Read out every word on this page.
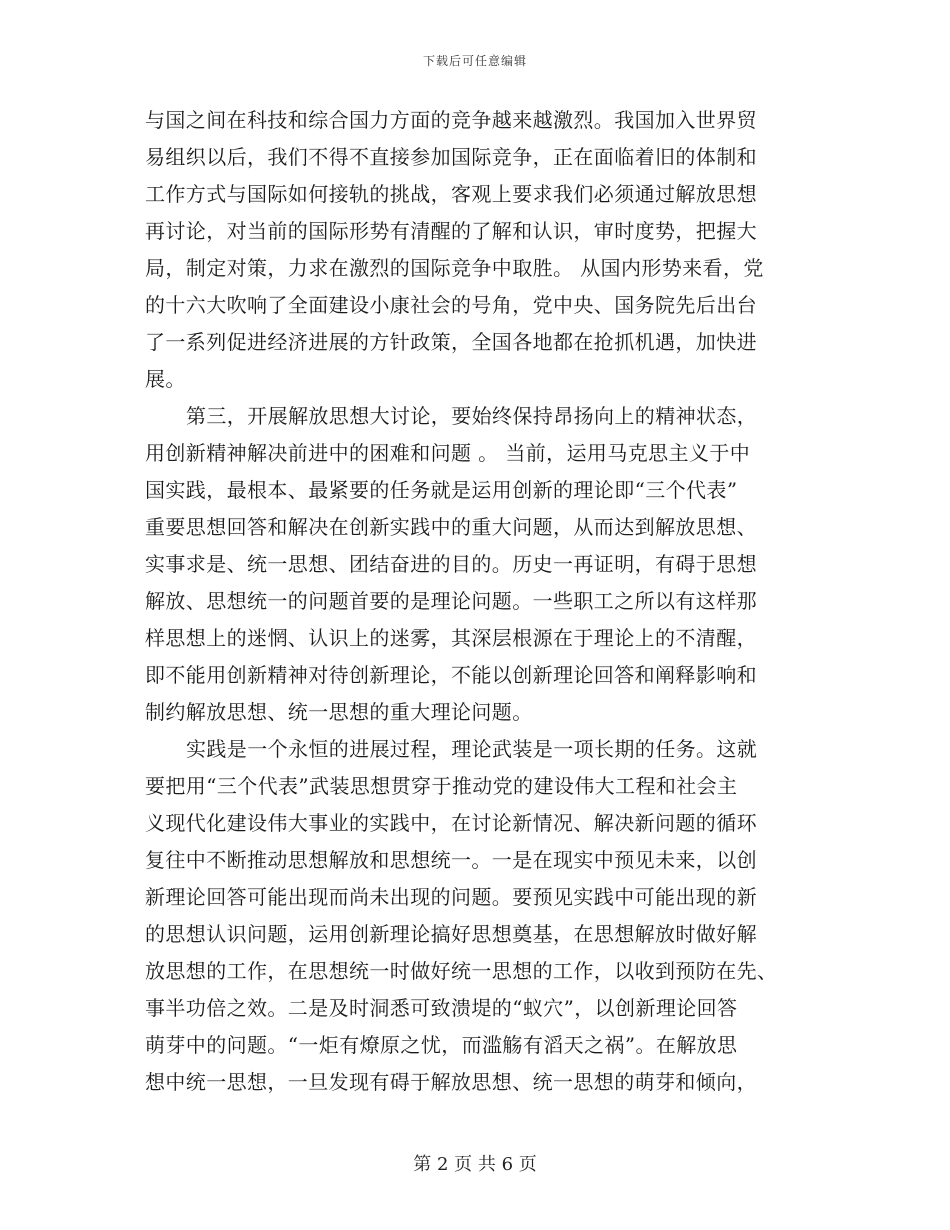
下载后可任意编辑
与国之间在科技和综合国力方面的竞争越来越激烈。我国加入世界贸
易组织以后，我们不得不直接参加国际竞争，正在面临着旧的体制和
工作方式与国际如何接轨的挑战，客观上要求我们必须通过解放思想
再讨论，对当前的国际形势有清醒的了解和认识，审时度势，把握大
局，制定对策，力求在激烈的国际竞争中取胜。 从国内形势来看，党
的十六大吹响了全面建设小康社会的号角，党中央、国务院先后出台
了一系列促进经济进展的方针政策，全国各地都在抢抓机遇，加快进
展。
第三，开展解放思想大讨论，要始终保持昂扬向上的精神状态，
用创新精神解决前进中的困难和问题 。 当前，运用马克思主义于中
国实践，最根本、最紧要的任务就是运用创新的理论即“三个代表”
重要思想回答和解决在创新实践中的重大问题，从而达到解放思想、
实事求是、统一思想、团结奋进的目的。历史一再证明，有碍于思想
解放、思想统一的问题首要的是理论问题。一些职工之所以有这样那
样思想上的迷惘、认识上的迷雾，其深层根源在于理论上的不清醒，
即不能用创新精神对待创新理论，不能以创新理论回答和阐释影响和
制约解放思想、统一思想的重大理论问题。
实践是一个永恒的进展过程，理论武装是一项长期的任务。这就
要把用“三个代表”武装思想贯穿于推动党的建设伟大工程和社会主
义现代化建设伟大事业的实践中，在讨论新情况、解决新问题的循环
复往中不断推动思想解放和思想统一。一是在现实中预见未来，以创
新理论回答可能出现而尚未出现的问题。要预见实践中可能出现的新
的思想认识问题，运用创新理论搞好思想奠基，在思想解放时做好解
放思想的工作，在思想统一时做好统一思想的工作，以收到预防在先、
事半功倍之效。二是及时洞悉可致溃堤的“蚁穴”，以创新理论回答
萌芽中的问题。“一炬有燎原之忧，而滥觞有滔天之祸”。在解放思
想中统一思想，一旦发现有碍于解放思想、统一思想的萌芽和倾向，
第 2 页 共 6 页
